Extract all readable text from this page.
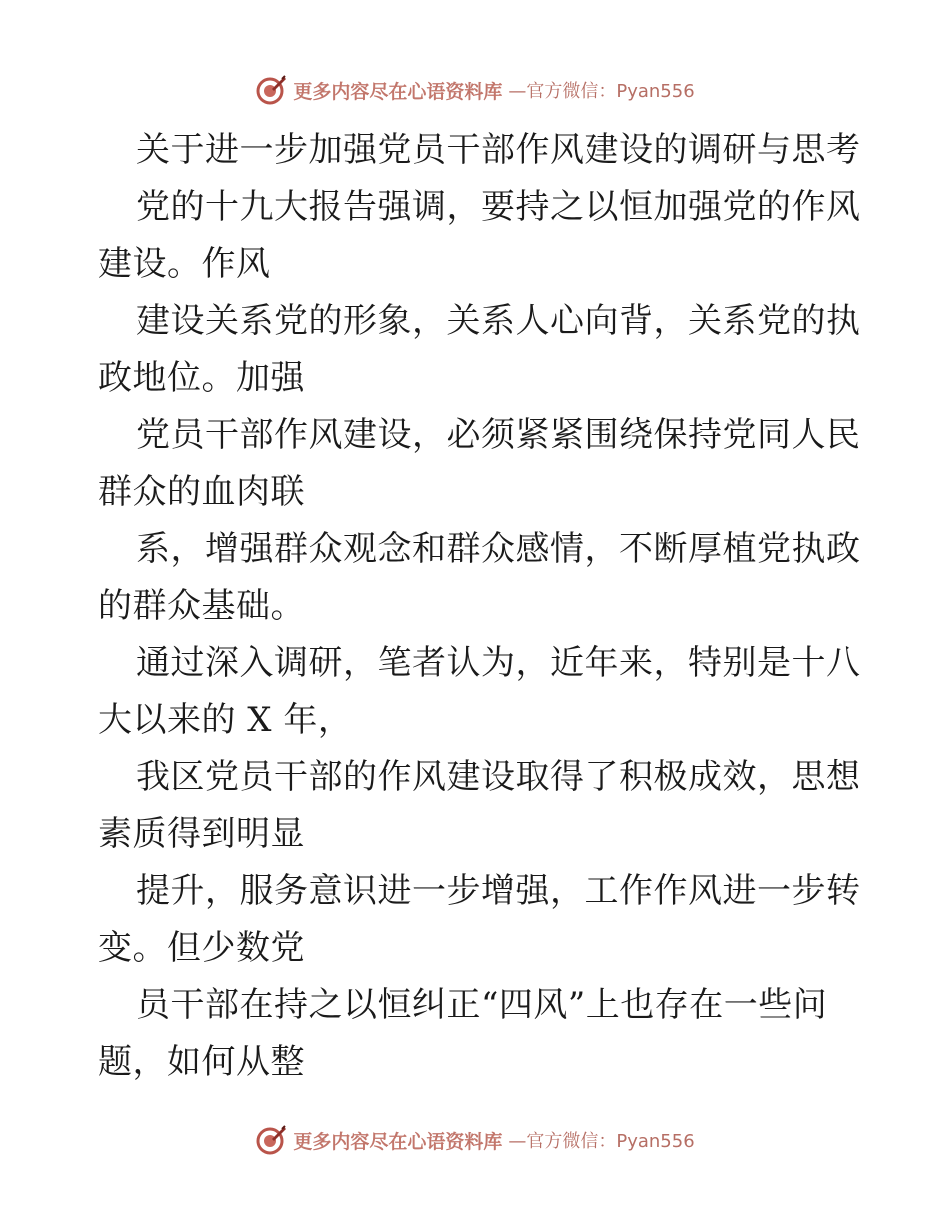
更多内容尽在心语资料库 —官方微信：Pyan556
关于进一步加强党员干部作风建设的调研与思考
党的十九大报告强调，要持之以恒加强党的作风
建设。作风
建设关系党的形象，关系人心向背，关系党的执
政地位。加强
党员干部作风建设，必须紧紧围绕保持党同人民
群众的血肉联
系，增强群众观念和群众感情，不断厚植党执政
的群众基础。
通过深入调研，笔者认为，近年来，特别是十八
大以来的 X 年，
我区党员干部的作风建设取得了积极成效，思想
素质得到明显
提升，服务意识进一步增强，工作作风进一步转
变。但少数党
员干部在持之以恒纠正“四风”上也存在一些问
题，如何从整
更多内容尽在心语资料库 —官方微信：Pyan556
